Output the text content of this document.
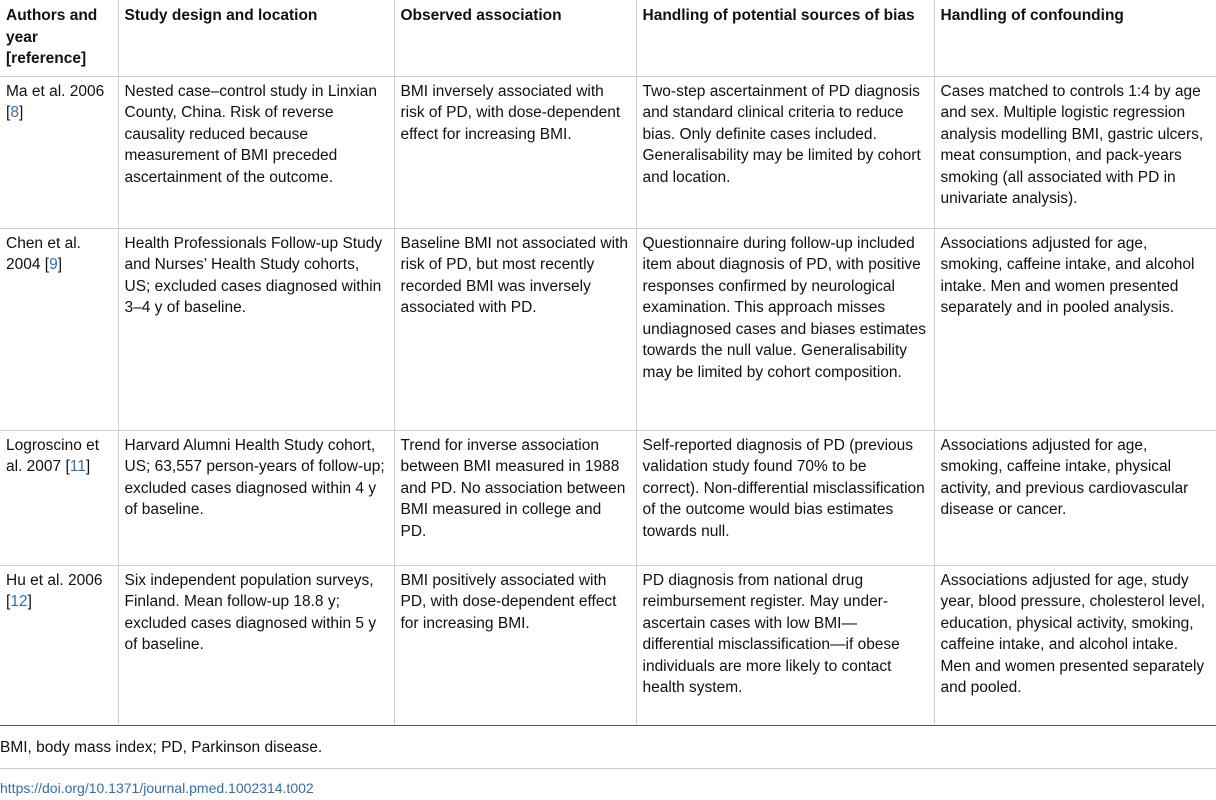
Authors and year [reference]	Study design and location	Observed association	Handling of potential sources of bias	Handling of confounding
Ma et al. 2006 [8]	Nested case–control study in Linxian County, China. Risk of reverse causality reduced because measurement of BMI preceded ascertainment of the outcome.	BMI inversely associated with risk of PD, with dose-dependent effect for increasing BMI.	Two-step ascertainment of PD diagnosis and standard clinical criteria to reduce bias. Only definite cases included. Generalisability may be limited by cohort and location.	Cases matched to controls 1:4 by age and sex. Multiple logistic regression analysis modelling BMI, gastric ulcers, meat consumption, and pack-years smoking (all associated with PD in univariate analysis).
Chen et al. 2004 [9]	Health Professionals Follow-up Study and Nurses’ Health Study cohorts, US; excluded cases diagnosed within 3–4 y of baseline.	Baseline BMI not associated with risk of PD, but most recently recorded BMI was inversely associated with PD.	Questionnaire during follow-up included item about diagnosis of PD, with positive responses confirmed by neurological examination. This approach misses undiagnosed cases and biases estimates towards the null value. Generalisability may be limited by cohort composition.	Associations adjusted for age, smoking, caffeine intake, and alcohol intake. Men and women presented separately and in pooled analysis.
Logroscino et al. 2007 [11]	Harvard Alumni Health Study cohort, US; 63,557 person-years of follow-up; excluded cases diagnosed within 4 y of baseline.	Trend for inverse association between BMI measured in 1988 and PD. No association between BMI measured in college and PD.	Self-reported diagnosis of PD (previous validation study found 70% to be correct). Non-differential misclassification of the outcome would bias estimates towards null.	Associations adjusted for age, smoking, caffeine intake, physical activity, and previous cardiovascular disease or cancer.
Hu et al. 2006 [12]	Six independent population surveys, Finland. Mean follow-up 18.8 y; excluded cases diagnosed within 5 y of baseline.	BMI positively associated with PD, with dose-dependent effect for increasing BMI.	PD diagnosis from national drug reimbursement register. May under-ascertain cases with low BMI—differential misclassification—if obese individuals are more likely to contact health system.	Associations adjusted for age, study year, blood pressure, cholesterol level, education, physical activity, smoking, caffeine intake, and alcohol intake. Men and women presented separately and pooled.
BMI, body mass index; PD, Parkinson disease.
https://doi.org/10.1371/journal.pmed.1002314.t002
